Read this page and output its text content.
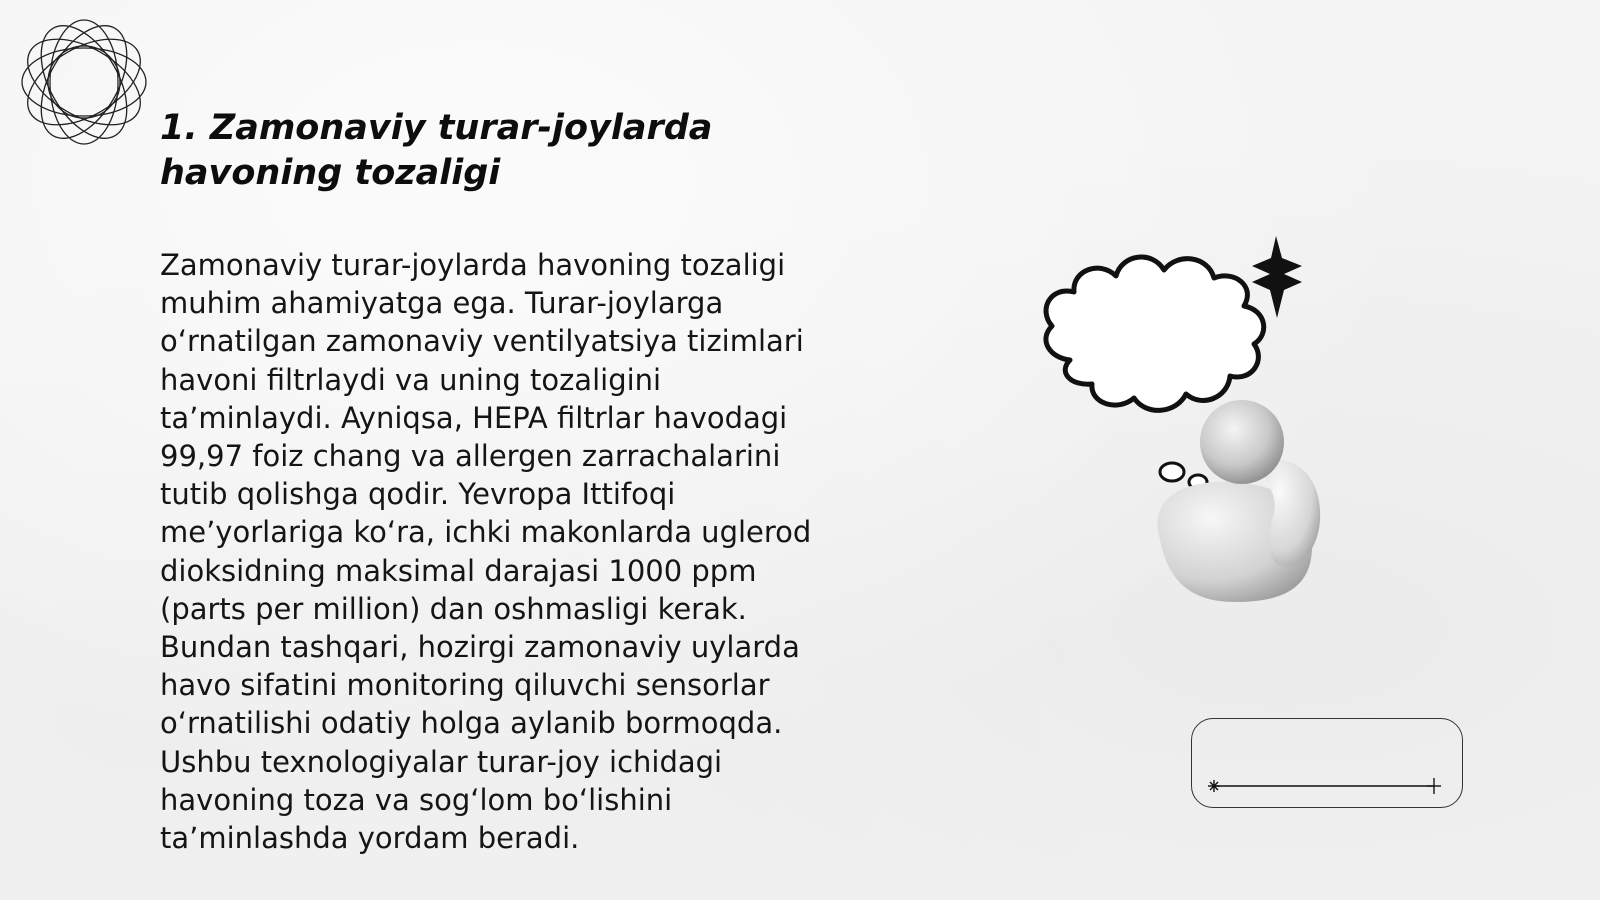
1. Zamonaviy turar-joylarda havoning tozaligi

Zamonaviy turar-joylarda havoning tozaligi muhim ahamiyatga ega. Turar-joylarga oʻrnatilgan zamonaviy ventilyatsiya tizimlari havoni filtrlaydi va uning tozaligini taʼminlaydi. Ayniqsa, HEPA filtrlar havodagi 99,97 foiz chang va allergen zarrachalarini tutib qolishga qodir. Yevropa Ittifoqi meʼyorlariga koʻra, ichki makonlarda uglerod dioksidning maksimal darajasi 1000 ppm (parts per million) dan oshmasligi kerak. Bundan tashqari, hozirgi zamonaviy uylarda havo sifatini monitoring qiluvchi sensorlar oʻrnatilishi odatiy holga aylanib bormoqda. Ushbu texnologiyalar turar-joy ichidagi havoning toza va sogʻlom boʻlishini taʼminlashda yordam beradi.
